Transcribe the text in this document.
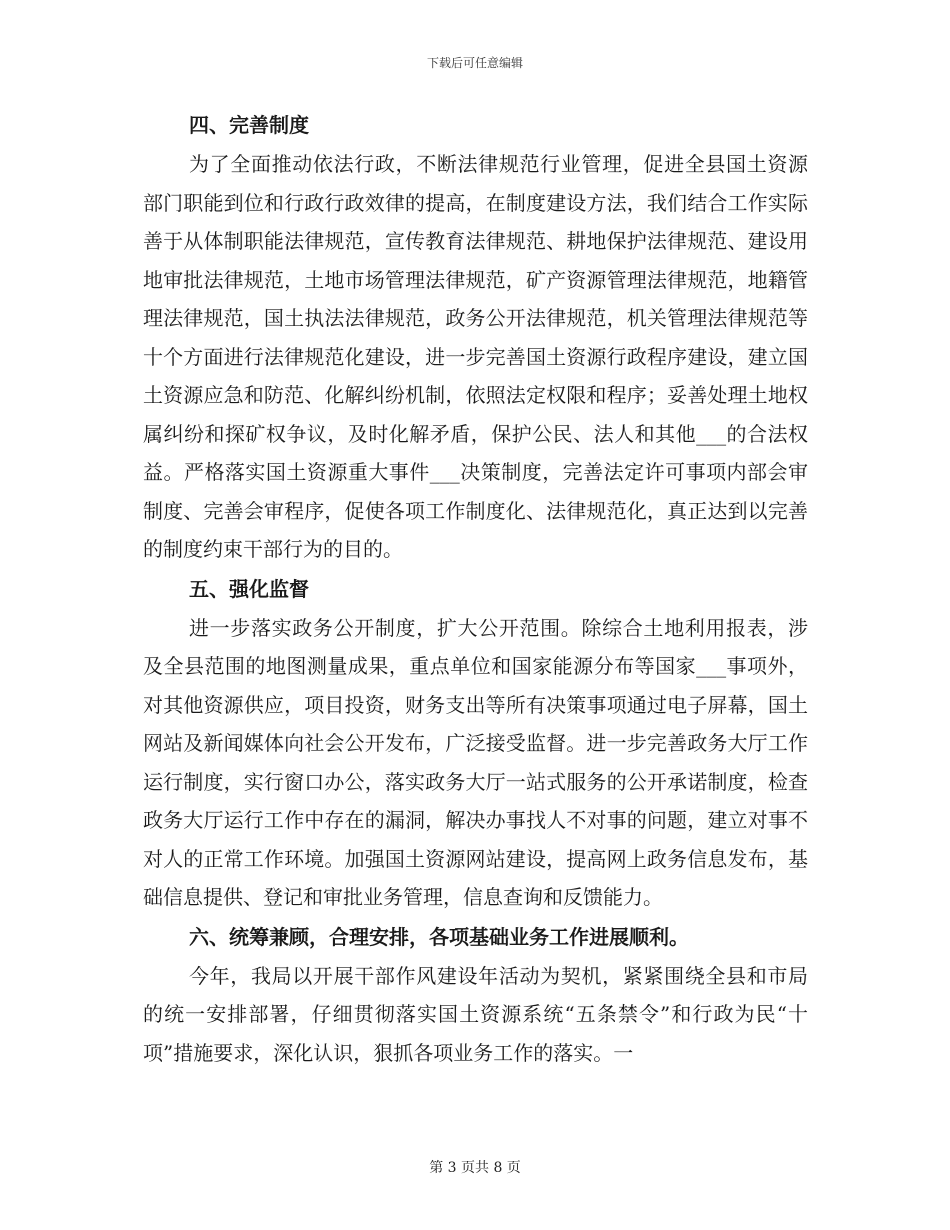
下载后可任意编辑
四、完善制度

为了全面推动依法行政，不断法律规范行业管理，促进全县国土资源部门职能到位和行政行政效律的提高，在制度建设方法，我们结合工作实际善于从体制职能法律规范，宣传教育法律规范、耕地保护法律规范、建设用地审批法律规范，土地市场管理法律规范，矿产资源管理法律规范，地籍管理法律规范，国土执法法律规范，政务公开法律规范，机关管理法律规范等十个方面进行法律规范化建设，进一步完善国土资源行政程序建设，建立国土资源应急和防范、化解纠纷机制，依照法定权限和程序；妥善处理土地权属纠纷和探矿权争议，及时化解矛盾，保护公民、法人和其他___的合法权益。严格落实国土资源重大事件___决策制度，完善法定许可事项内部会审制度、完善会审程序，促使各项工作制度化、法律规范化，真正达到以完善的制度约束干部行为的目的。

五、强化监督

进一步落实政务公开制度，扩大公开范围。除综合土地利用报表，涉及全县范围的地图测量成果，重点单位和国家能源分布等国家___事项外，对其他资源供应，项目投资，财务支出等所有决策事项通过电子屏幕，国土网站及新闻媒体向社会公开发布，广泛接受监督。进一步完善政务大厅工作运行制度，实行窗口办公，落实政务大厅一站式服务的公开承诺制度，检查政务大厅运行工作中存在的漏洞，解决办事找人不对事的问题，建立对事不对人的正常工作环境。加强国土资源网站建设，提高网上政务信息发布，基础信息提供、登记和审批业务管理，信息查询和反馈能力。

六、统筹兼顾，合理安排，各项基础业务工作进展顺利。

今年，我局以开展干部作风建设年活动为契机，紧紧围绕全县和市局的统一安排部署，仔细贯彻落实国土资源系统“五条禁令”和行政为民“十项”措施要求，深化认识，狠抓各项业务工作的落实。一

第 3 页共 8 页
